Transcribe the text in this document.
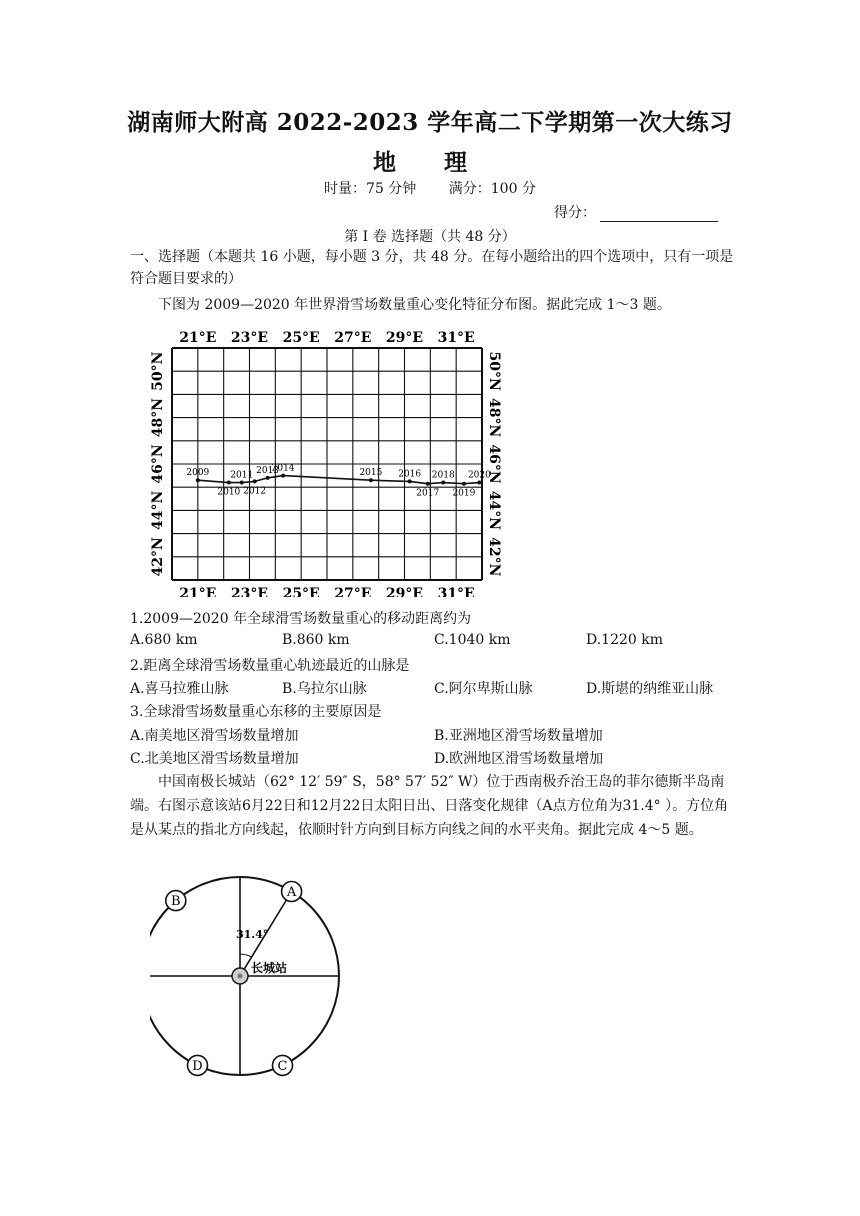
湖南师大附高 2022-2023 学年高二下学期第一次大练习
地 理
时量：75 分钟 满分：100 分
得分：
第 I 卷 选择题（共 48 分）
一、选择题（本题共 16 小题，每小题 3 分，共 48 分。在每小题给出的四个选项中，只有一项是符合题目要求的）
下图为 2009—2020 年世界滑雪场数量重心变化特征分布图。据此完成 1～3 题。
21°E
21°E
23°E
23°E
25°E
25°E
27°E
27°E
29°E
29°E
31°E
31°E
50°N	50°N
48°N	48°N
46°N	46°N
44°N	44°N
42°N	42°N
2009
2010
2011
2012
2013
2014	2015 2016
2017
2018
2019
2020
1.2009—2020 年全球滑雪场数量重心的移动距离约为
A.680 km	B.860 km	C.1040 km	D.1220 km
2.距离全球滑雪场数量重心轨迹最近的山脉是
A.喜马拉雅山脉	B.乌拉尔山脉	C.阿尔卑斯山脉	D.斯堪的纳维亚山脉
3.全球滑雪场数量重心东移的主要原因是
A.南美地区滑雪场数量增加	B.亚洲地区滑雪场数量增加
C.北美地区滑雪场数量增加	D.欧洲地区滑雪场数量增加
中国南极长城站（62° 12′ 59″ S，58° 57′ 52″ W）位于西南极乔治王岛的菲尔德斯半岛南端。右图示意该站6月22日和12月22日太阳日出、日落变化规律（A点方位角为31.4° ）。方位角是从某点的指北方向线起，依顺时针方向到目标方向线之间的水平夹角。据此完成 4～5 题。
31.4°
长城站
A
B
C
D
